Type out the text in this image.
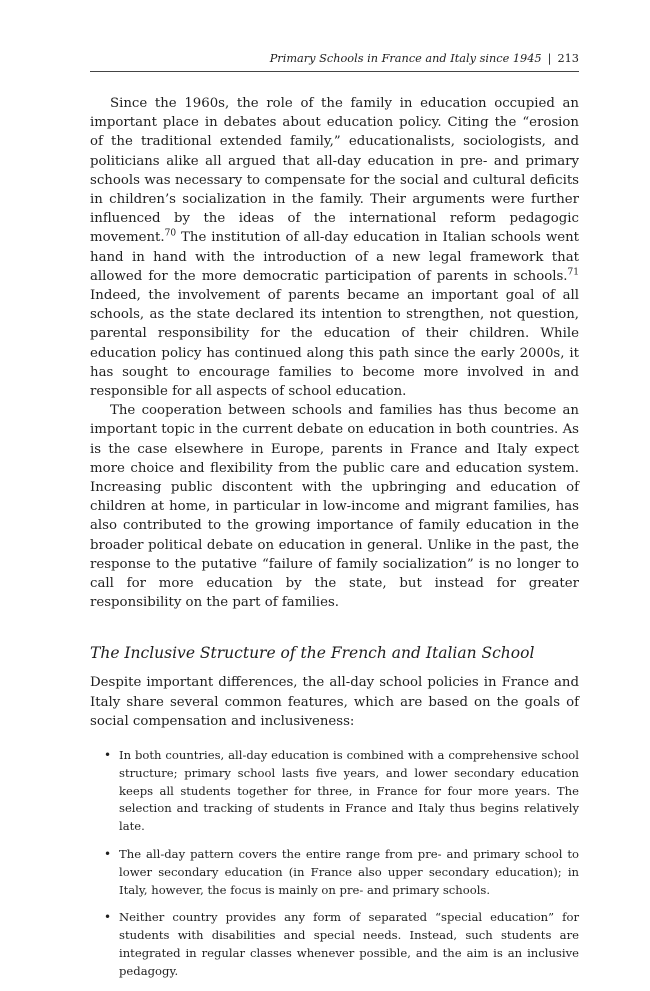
Primary Schools in France and Italy since 1945 | 213

Since the 1960s, the role of the family in education occupied an important place in debates about education policy. Citing the “erosion of the traditional extended family,” educationalists, sociologists, and politicians alike all argued that all-day education in pre- and primary schools was necessary to compensate for the social and cultural deficits in children’s socialization in the family. Their arguments were further influenced by the ideas of the international reform pedagogic movement.$^{70}$ The institution of all-day education in Italian schools went hand in hand with the introduction of a new legal framework that allowed for the more democratic participation of parents in schools.$^{71}$ Indeed, the involvement of parents became an important goal of all schools, as the state declared its intention to strengthen, not question, parental responsibility for the education of their children. While education policy has continued along this path since the early 2000s, it has sought to encourage families to become more involved in and responsible for all aspects of school education.

The cooperation between schools and families has thus become an important topic in the current debate on education in both countries. As is the case elsewhere in Europe, parents in France and Italy expect more choice and flexibility from the public care and education system. Increasing public discontent with the upbringing and education of children at home, in particular in low-income and migrant families, has also contributed to the growing importance of family education in the broader political debate on education in general. Unlike in the past, the response to the putative “failure of family socialization” is no longer to call for more education by the state, but instead for greater responsibility on the part of families.

The Inclusive Structure of the French and Italian School

Despite important differences, the all-day school policies in France and Italy share several common features, which are based on the goals of social compensation and inclusiveness:

• In both countries, all-day education is combined with a comprehensive school structure; primary school lasts five years, and lower secondary education keeps all students together for three, in France for four more years. The selection and tracking of students in France and Italy thus begins relatively late.
• The all-day pattern covers the entire range from pre- and primary school to lower secondary education (in France also upper secondary education); in Italy, however, the focus is mainly on pre- and primary schools.
• Neither country provides any form of separated “special education” for students with disabilities and special needs. Instead, such students are integrated in regular classes whenever possible, and the aim is an inclusive pedagogy.
